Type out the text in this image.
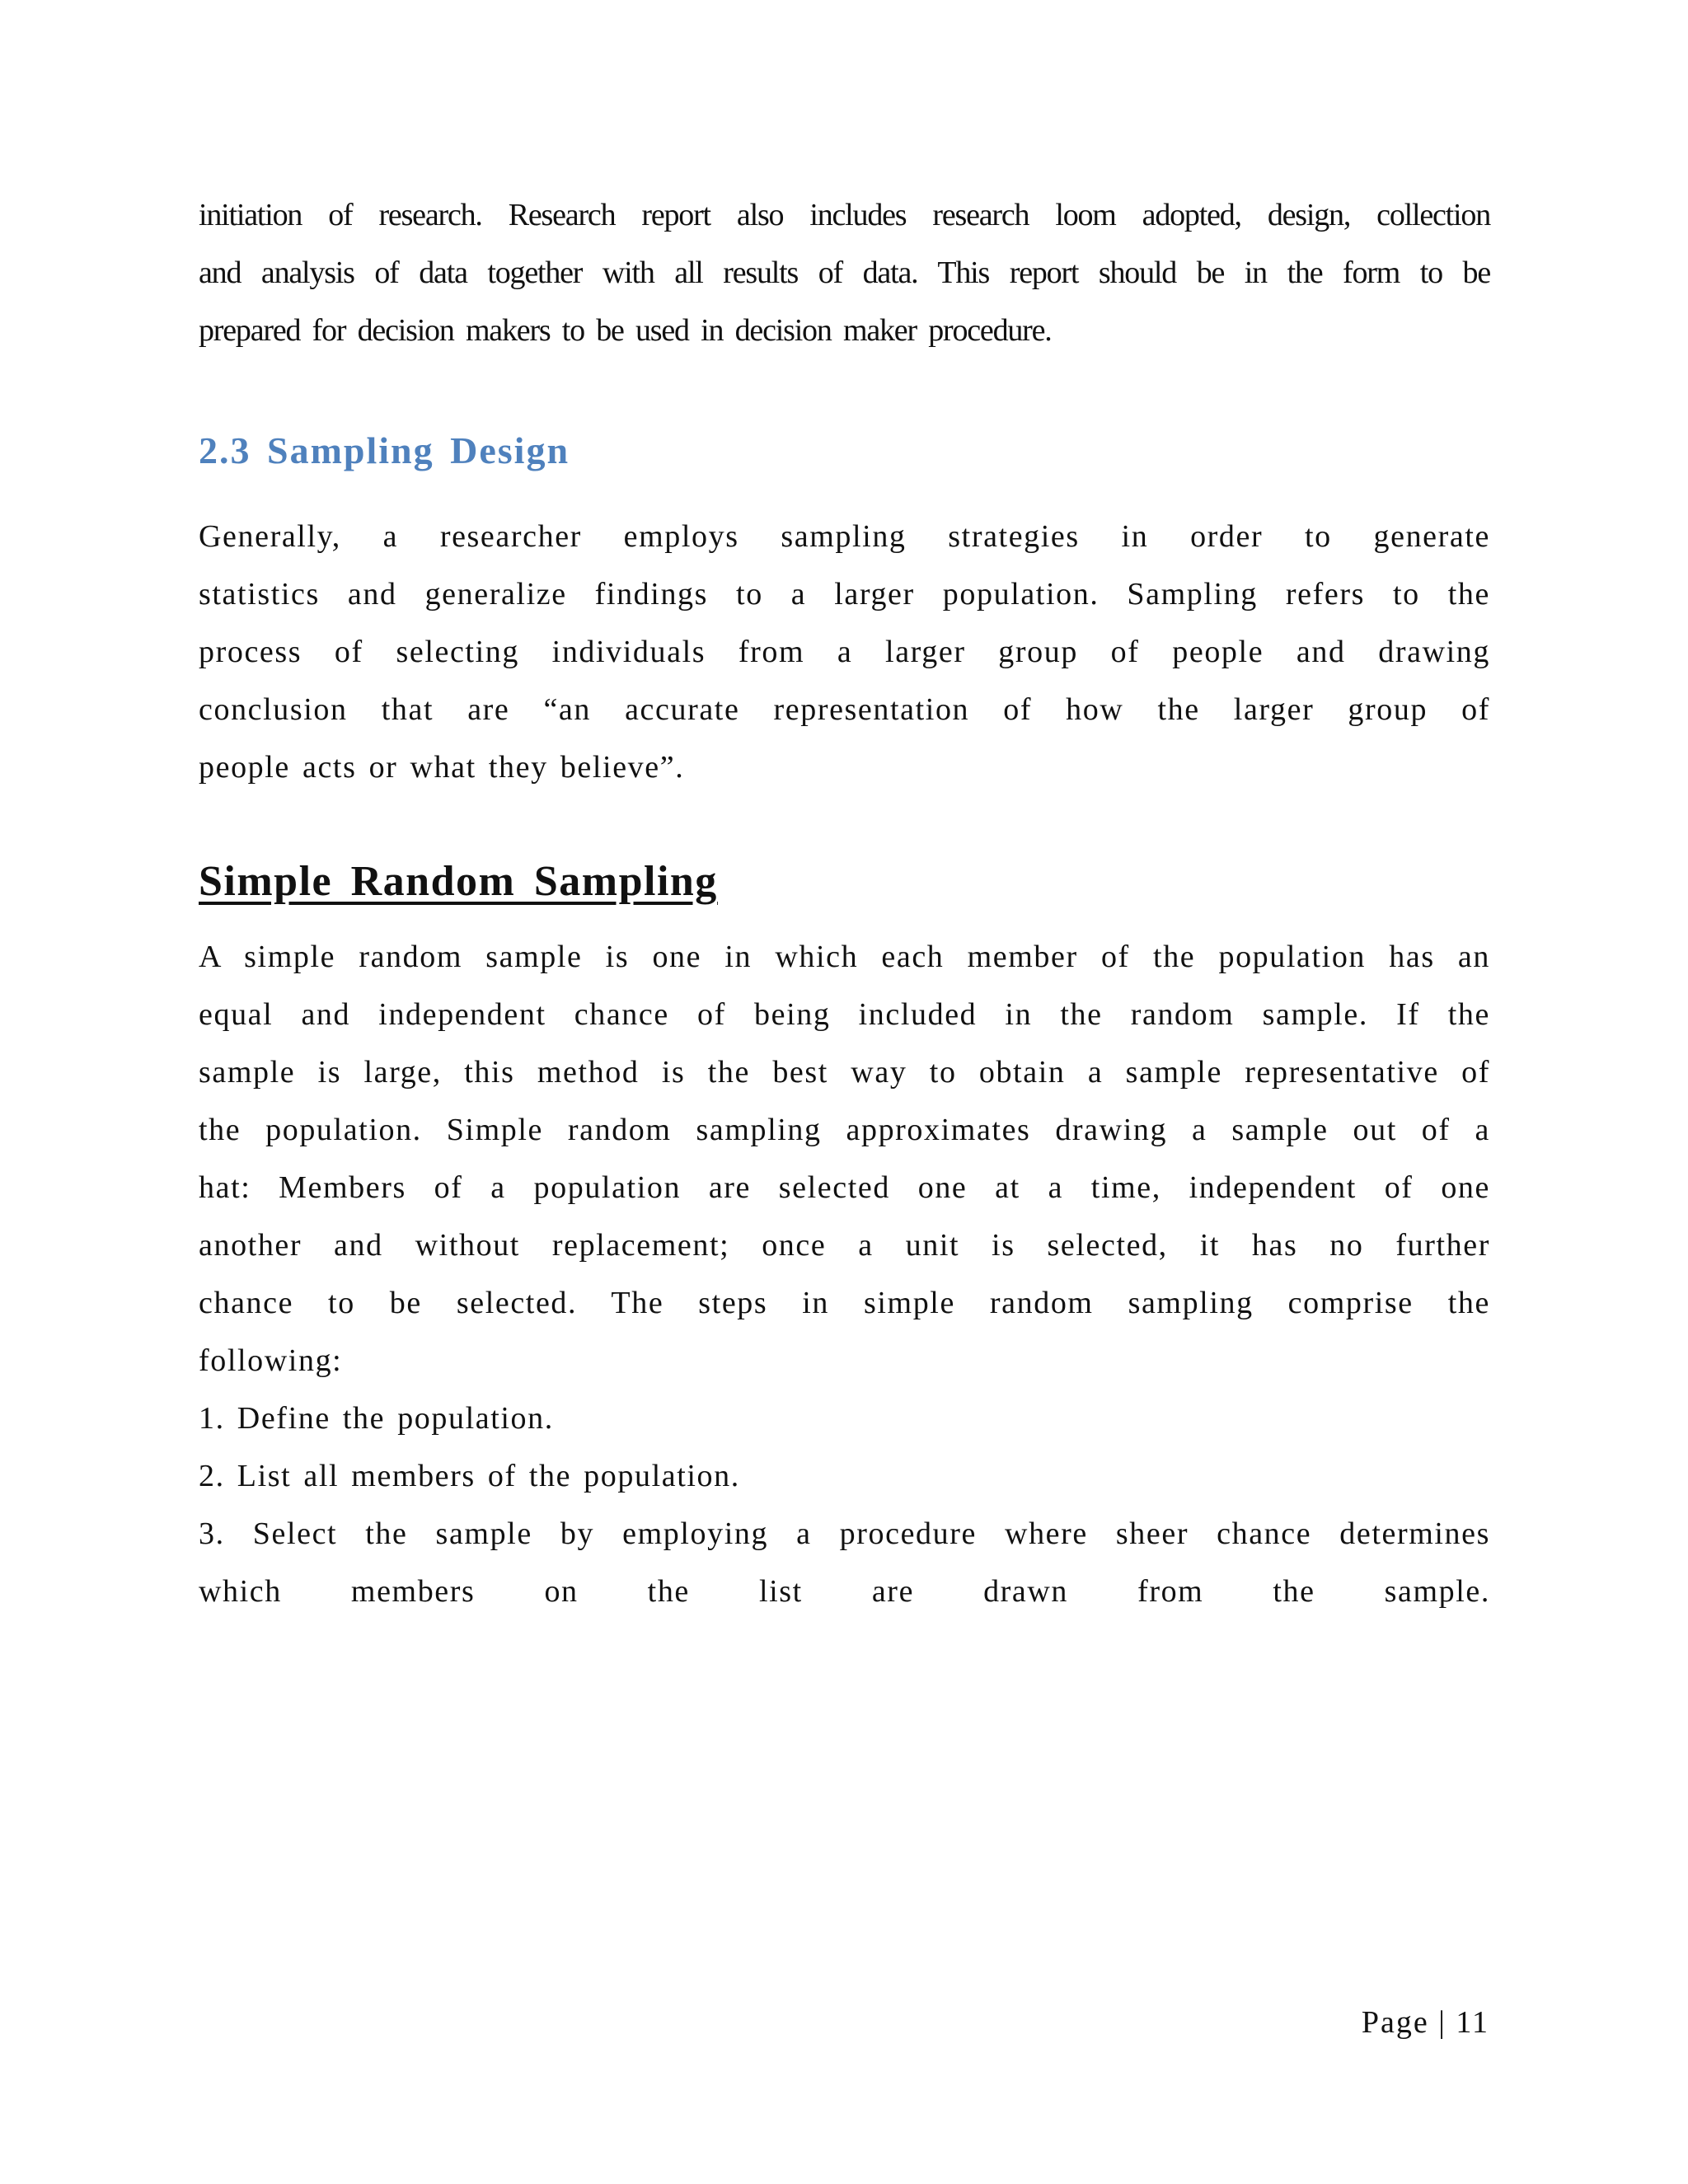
initiation of research. Research report also includes research loom adopted, design, collection
and analysis of data together with all results of data. This report should be in the form to be
prepared for decision makers to be used in decision maker procedure.
2.3 Sampling Design
Generally, a researcher employs sampling strategies in order to generate
statistics and generalize findings to a larger population. Sampling refers to the
process of selecting individuals from a larger group of people and drawing
conclusion that are “an accurate representation of how the larger group of
people acts or what they believe”.
Simple Random Sampling
A simple random sample is one in which each member of the population has an
equal and independent chance of being included in the random sample. If the
sample is large, this method is the best way to obtain a sample representative of
the population. Simple random sampling approximates drawing a sample out of a
hat: Members of a population are selected one at a time, independent of one
another and without replacement; once a unit is selected, it has no further
chance to be selected. The steps in simple random sampling comprise the
following:
1. Define the population.
2. List all members of the population.
3. Select the sample by employing a procedure where sheer chance determines
which members on the list are drawn from the sample.
Page | 11
